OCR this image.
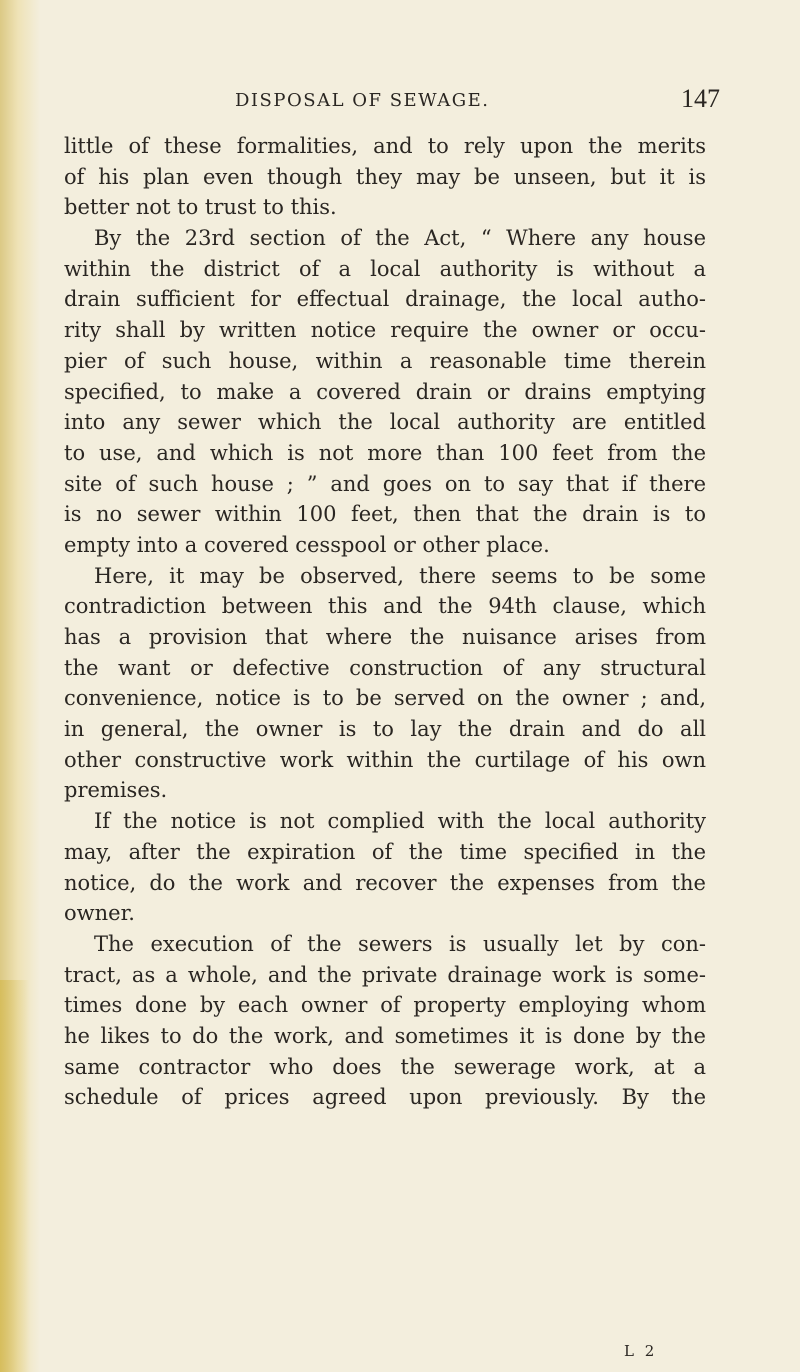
DISPOSAL OF SEWAGE.	147
little of these formalities, and to rely upon the merits
of his plan even though they may be unseen, but it is
better not to trust to this.
By the 23rd section of the Act, “ Where any house
within the district of a local authority is without a
drain sufficient for effectual drainage, the local autho-
rity shall by written notice require the owner or occu-
pier of such house, within a reasonable time therein
specified, to make a covered drain or drains emptying
into any sewer which the local authority are entitled
to use, and which is not more than 100 feet from the
site of such house ; ” and goes on to say that if there
is no sewer within 100 feet, then that the drain is to
empty into a covered cesspool or other place.
Here, it may be observed, there seems to be some
contradiction between this and the 94th clause, which
has a provision that where the nuisance arises from
the want or defective construction of any structural
convenience, notice is to be served on the owner ; and,
in general, the owner is to lay the drain and do all
other constructive work within the curtilage of his own
premises.
If the notice is not complied with the local authority
may, after the expiration of the time specified in the
notice, do the work and recover the expenses from the
owner.
The execution of the sewers is usually let by con-
tract, as a whole, and the private drainage work is some-
times done by each owner of property employing whom
he likes to do the work, and sometimes it is done by the
same contractor who does the sewerage work, at a
schedule of prices agreed upon previously. By the
L 2
